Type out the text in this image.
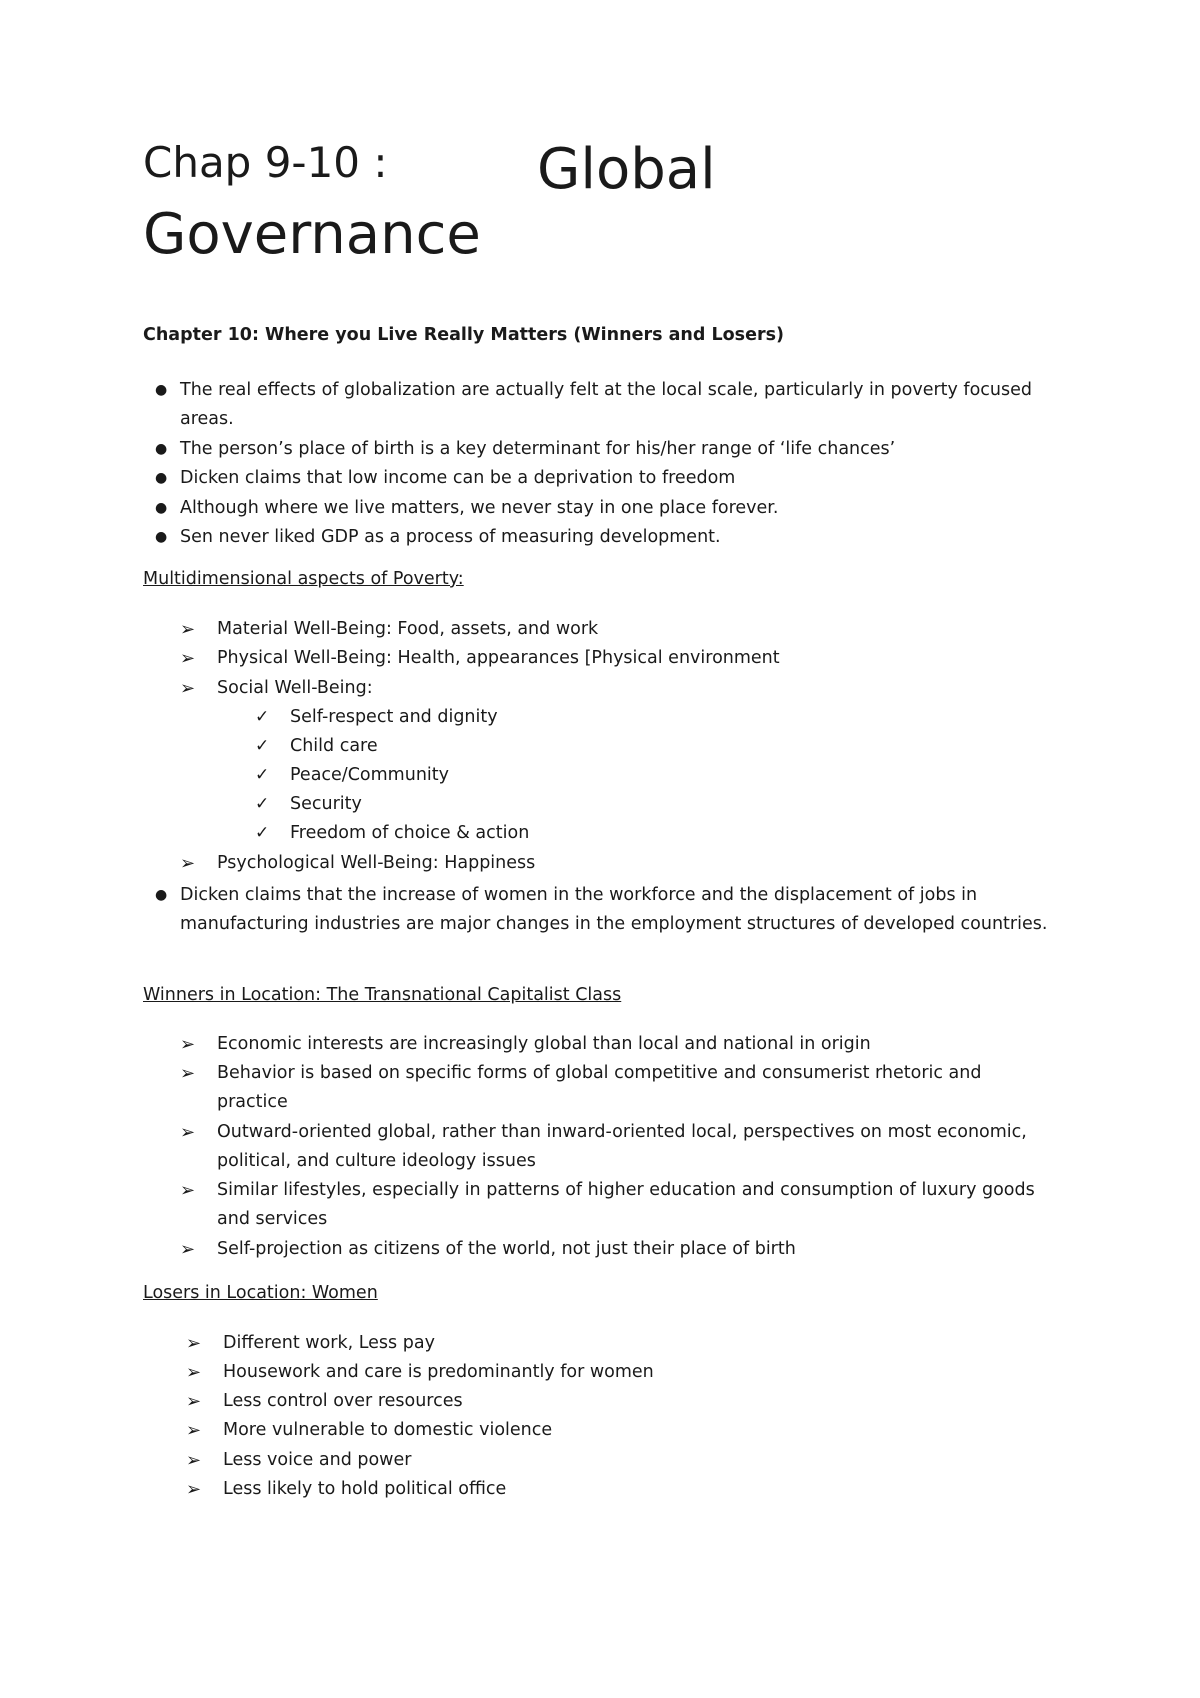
Chap 9-10 :	Global
Governance
Chapter 10: Where you Live Really Matters (Winners and Losers)
● The real effects of globalization are actually felt at the local scale, particularly in poverty focused areas.
● The person’s place of birth is a key determinant for his/her range of ‘life chances’
● Dicken claims that low income can be a deprivation to freedom
● Although where we live matters, we never stay in one place forever.
● Sen never liked GDP as a process of measuring development.
Multidimensional aspects of Poverty:
➢ Material Well-Being: Food, assets, and work
➢ Physical Well-Being: Health, appearances [Physical environment
➢ Social Well-Being:
✓ Self-respect and dignity
✓ Child care
✓ Peace/Community
✓ Security
✓ Freedom of choice & action
➢ Psychological Well-Being: Happiness
● Dicken claims that the increase of women in the workforce and the displacement of jobs in manufacturing industries are major changes in the employment structures of developed countries.
Winners in Location: The Transnational Capitalist Class
➢ Economic interests are increasingly global than local and national in origin
➢ Behavior is based on specific forms of global competitive and consumerist rhetoric and practice
➢ Outward-oriented global, rather than inward-oriented local, perspectives on most economic, political, and culture ideology issues
➢ Similar lifestyles, especially in patterns of higher education and consumption of luxury goods and services
➢ Self-projection as citizens of the world, not just their place of birth
Losers in Location: Women
➢ Different work, Less pay
➢ Housework and care is predominantly for women
➢ Less control over resources
➢ More vulnerable to domestic violence
➢ Less voice and power
➢ Less likely to hold political office
